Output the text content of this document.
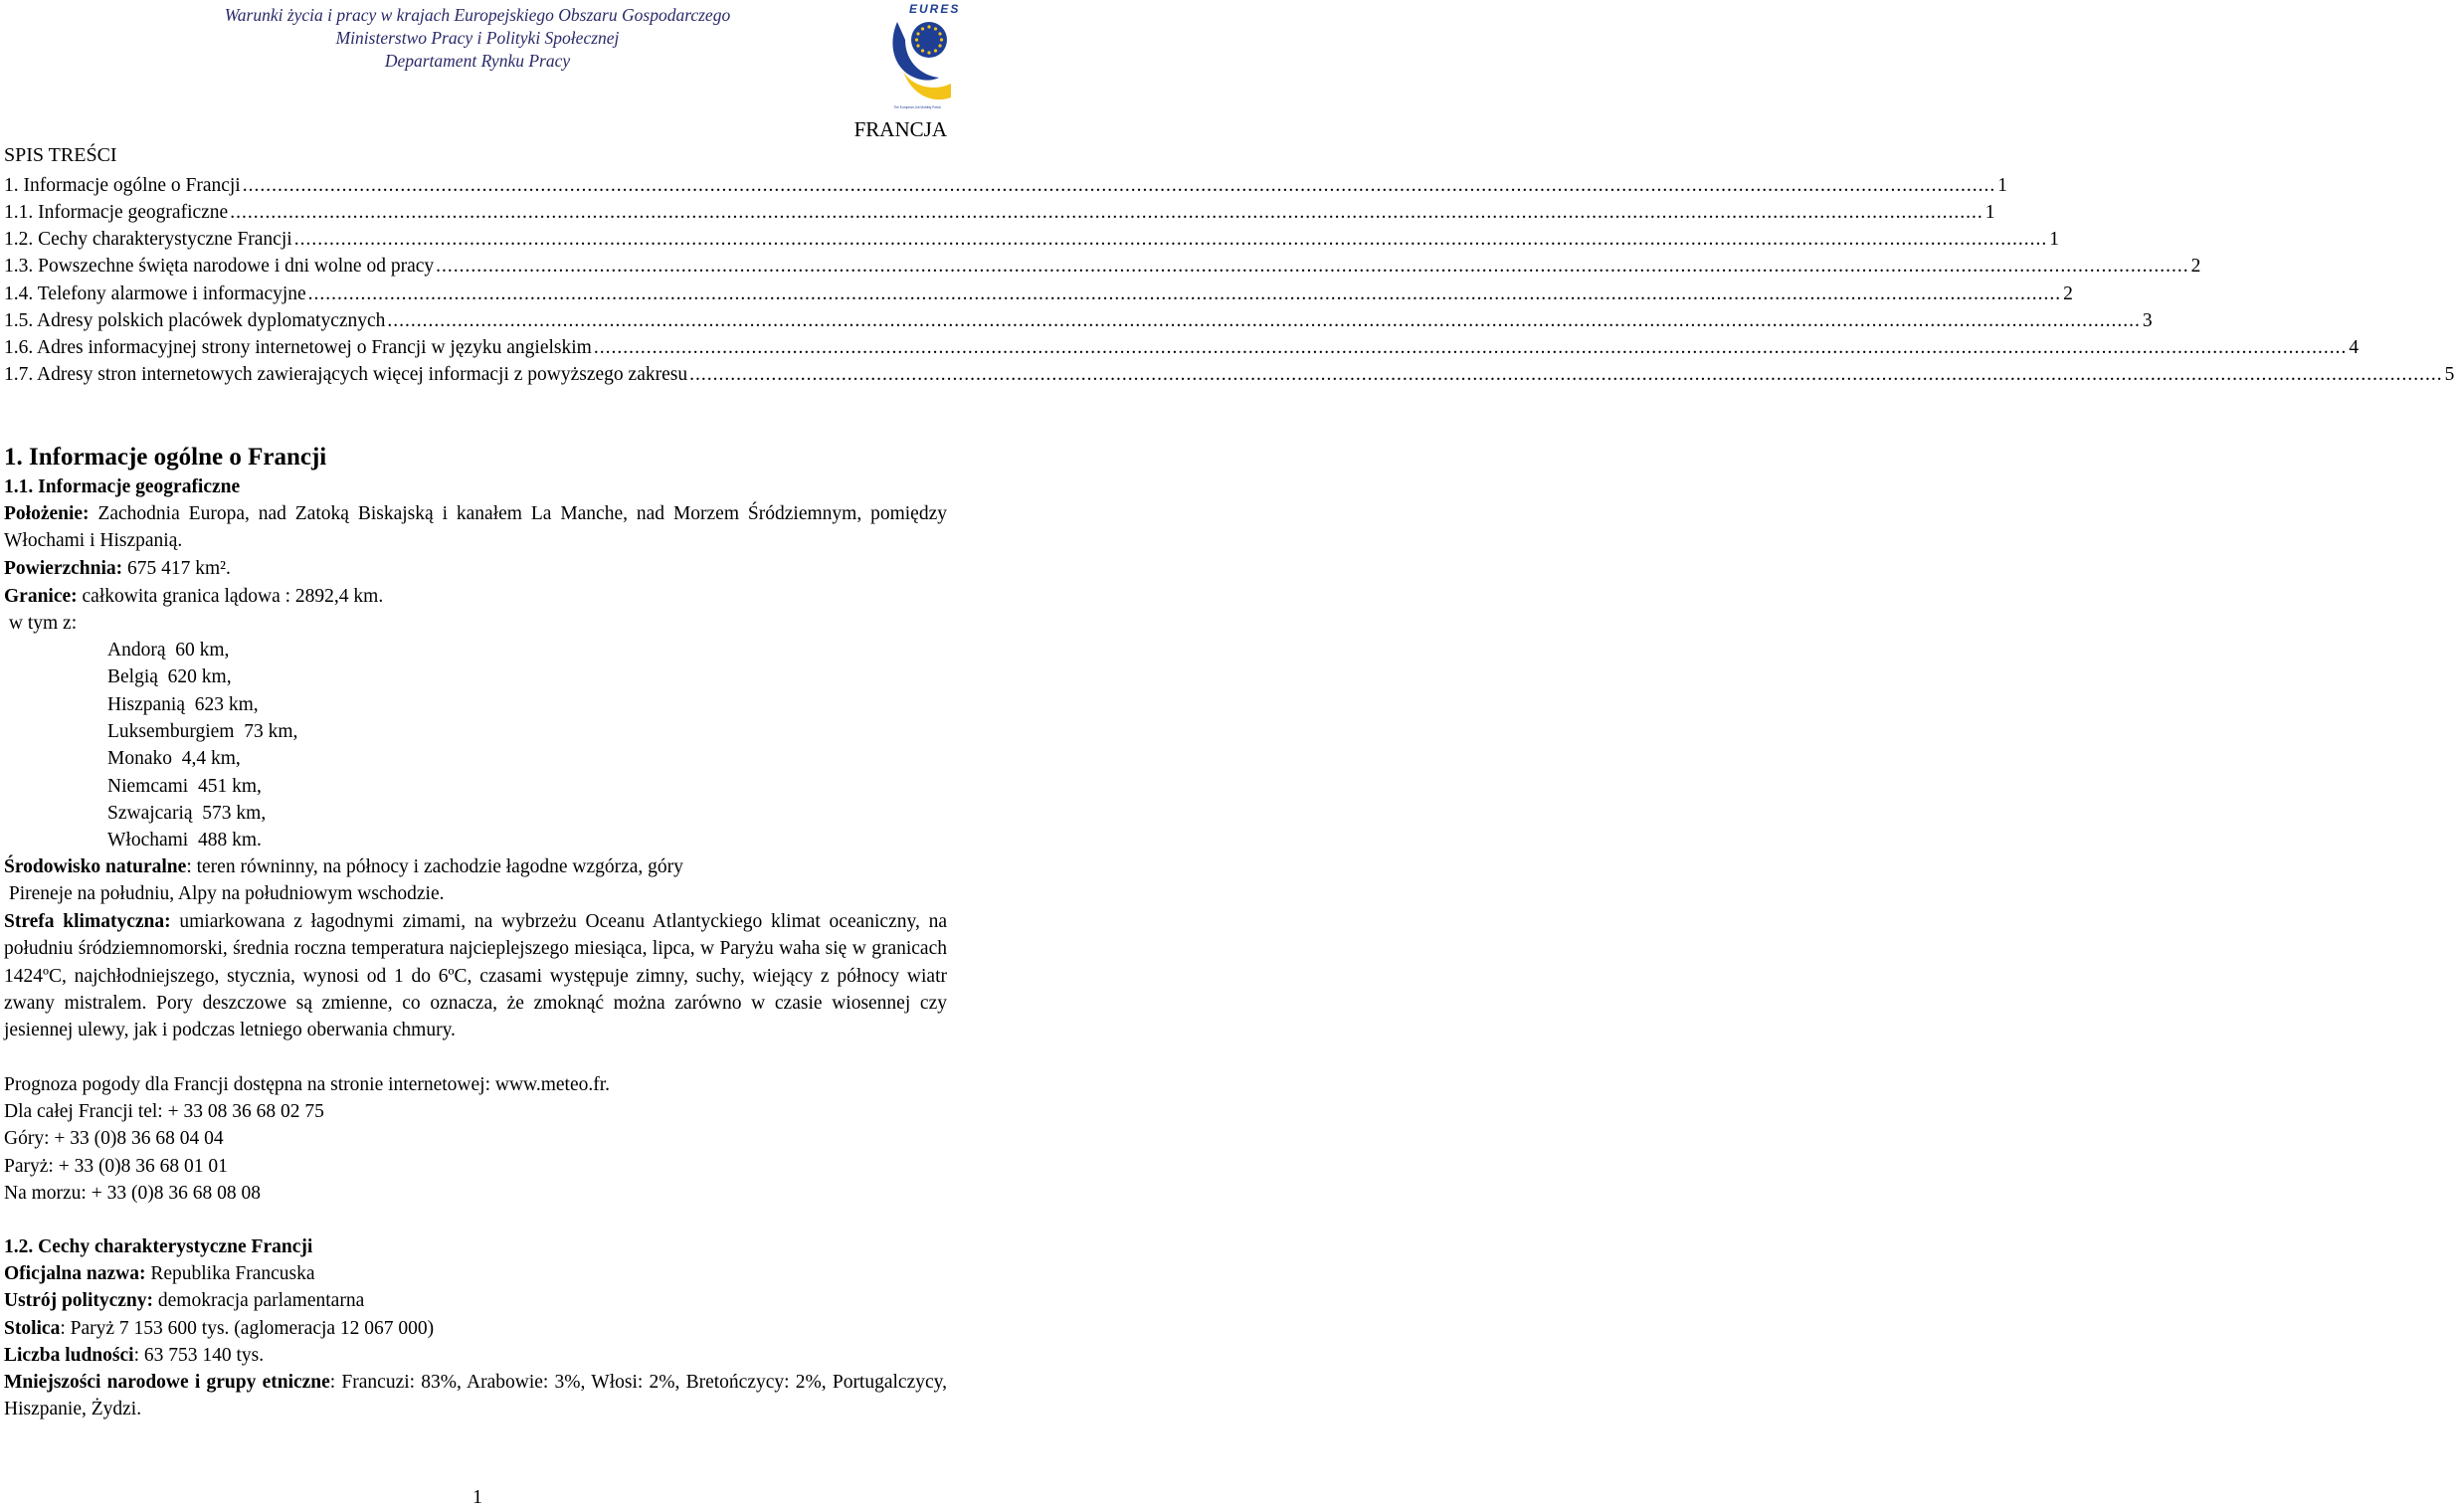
Warunki życia i pracy w krajach Europejskiego Obszaru Gospodarczego
Ministerstwo Pracy i Polityki Społecznej
Departament Rynku Pracy
EURES
The European Job Mobility Portal
FRANCJA
SPIS TREŚCI
1. Informacje ogólne o Francji ............................................................................................................................................................................................................................................................................................................ 1
1.1. Informacje geograficzne ............................................................................................................................................................................................................................................................................................................ 1
1.2. Cechy charakterystyczne Francji ............................................................................................................................................................................................................................................................................................................ 1
1.3. Powszechne święta narodowe i dni wolne od pracy ............................................................................................................................................................................................................................................................................................................ 2
1.4. Telefony alarmowe i informacyjne ............................................................................................................................................................................................................................................................................................................ 2
1.5. Adresy polskich placówek dyplomatycznych ............................................................................................................................................................................................................................................................................................................ 3
1.6. Adres informacyjnej strony internetowej o Francji w języku angielskim ............................................................................................................................................................................................................................................................................................................ 4
1.7. Adresy stron internetowych zawierających więcej informacji z powyższego zakresu ............................................................................................................................................................................................................................................................................................................ 5
1. Informacje ogólne o Francji
1.1. Informacje geograficzne
Położenie: Zachodnia Europa, nad Zatoką Biskajską i kanałem La Manche, nad Morzem Śródziemnym, pomiędzy Włochami i Hiszpanią.
Powierzchnia: 675 417 km².
Granice: całkowita granica lądowa : 2892,4 km.
w tym z:
Andorą  60 km,
Belgią  620 km,
Hiszpanią  623 km,
Luksemburgiem  73 km,
Monako  4,4 km,
Niemcami  451 km,
Szwajcarią  573 km,
Włochami  488 km.
Środowisko naturalne: teren równinny, na północy i zachodzie łagodne wzgórza, góry
Pireneje na południu, Alpy na południowym wschodzie.
Strefa klimatyczna: umiarkowana z łagodnymi zimami, na wybrzeżu Oceanu Atlantyckiego klimat oceaniczny, na południu śródziemnomorski, średnia roczna temperatura najcieplejszego miesiąca, lipca, w Paryżu waha się w granicach 1424ºC, najchłodniejszego, stycznia, wynosi od 1 do 6ºC, czasami występuje zimny, suchy, wiejący z północy wiatr zwany mistralem. Pory deszczowe są zmienne, co oznacza, że zmoknąć można zarówno w czasie wiosennej czy jesiennej ulewy, jak i podczas letniego oberwania chmury.
Prognoza pogody dla Francji dostępna na stronie internetowej: www.meteo.fr.
Dla całej Francji tel: + 33 08 36 68 02 75
Góry: + 33 (0)8 36 68 04 04
Paryż: + 33 (0)8 36 68 01 01
Na morzu: + 33 (0)8 36 68 08 08
1.2. Cechy charakterystyczne Francji
Oficjalna nazwa: Republika Francuska
Ustrój polityczny: demokracja parlamentarna
Stolica: Paryż 7 153 600 tys. (aglomeracja 12 067 000)
Liczba ludności: 63 753 140 tys.
Mniejszości narodowe i grupy etniczne: Francuzi: 83%, Arabowie: 3%, Włosi: 2%, Bretończycy: 2%, Portugalczycy, Hiszpanie, Żydzi.
1
